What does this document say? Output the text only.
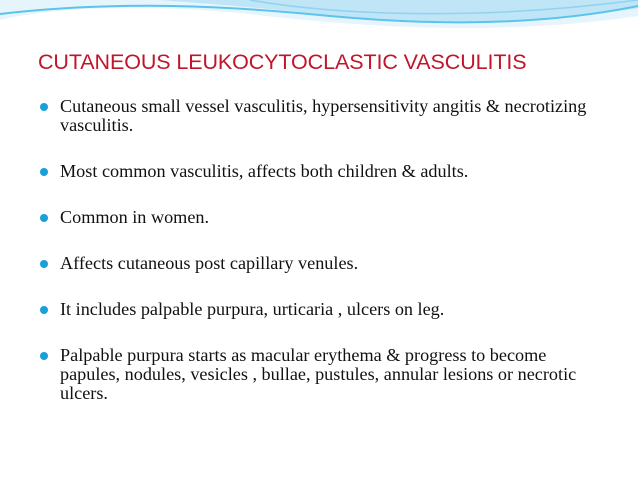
CUTANEOUS LEUKOCYTOCLASTIC VASCULITIS
Cutaneous small vessel vasculitis, hypersensitivity angitis & necrotizing vasculitis.
Most common vasculitis, affects both children & adults.
Common in women.
Affects cutaneous post capillary venules.
It includes palpable purpura, urticaria , ulcers on leg.
Palpable purpura starts as macular erythema & progress to become papules, nodules, vesicles , bullae, pustules, annular lesions or necrotic ulcers.
